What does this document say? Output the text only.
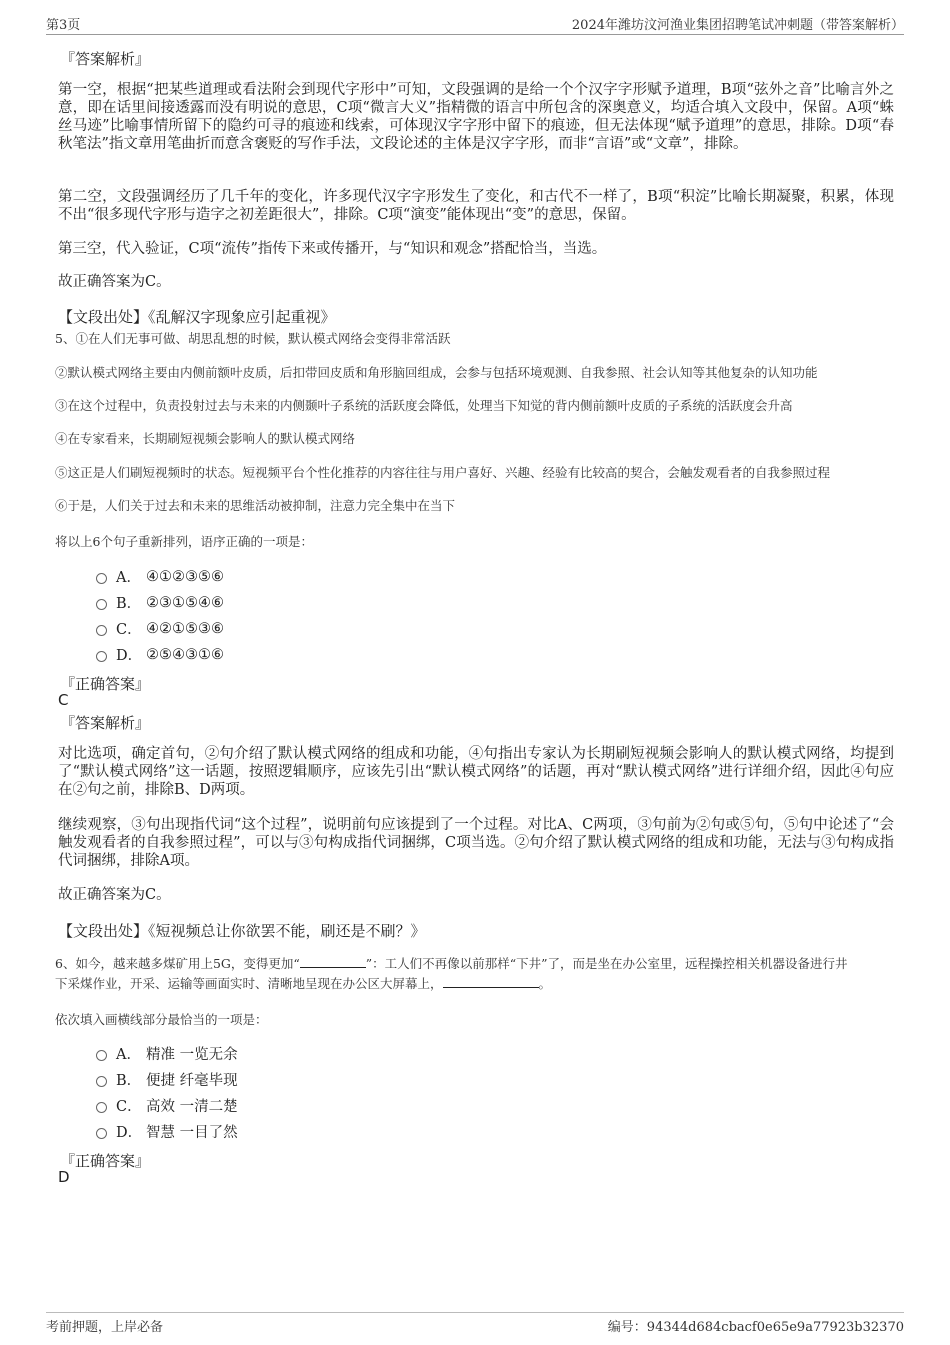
第3页	2024年潍坊汶河渔业集团招聘笔试冲刺题（带答案解析）
『答案解析』
第一空，根据“把某些道理或看法附会到现代字形中”可知，文段强调的是给一个个汉字字形赋予道理，B项“弦外之音”比喻言外之意，即在话里间接透露而没有明说的意思，C项“微言大义”指精微的语言中所包含的深奥意义，均适合填入文段中，保留。A项“蛛丝马迹”比喻事情所留下的隐约可寻的痕迹和线索，可体现汉字字形中留下的痕迹，但无法体现“赋予道理”的意思，排除。D项“春秋笔法”指文章用笔曲折而意含褒贬的写作手法，文段论述的主体是汉字字形，而非“言语”或“文章”，排除。
第二空，文段强调经历了几千年的变化，许多现代汉字字形发生了变化，和古代不一样了，B项“积淀”比喻长期凝聚，积累，体现不出“很多现代字形与造字之初差距很大”，排除。C项“演变”能体现出“变”的意思，保留。
第三空，代入验证，C项“流传”指传下来或传播开，与“知识和观念”搭配恰当，当选。
故正确答案为C。
【文段出处】《乱解汉字现象应引起重视》
5、①在人们无事可做、胡思乱想的时候，默认模式网络会变得非常活跃
②默认模式网络主要由内侧前额叶皮质，后扣带回皮质和角形脑回组成，会参与包括环境观测、自我参照、社会认知等其他复杂的认知功能
③在这个过程中，负责投射过去与未来的内侧颞叶子系统的活跃度会降低，处理当下知觉的背内侧前额叶皮质的子系统的活跃度会升高
④在专家看来，长期刷短视频会影响人的默认模式网络
⑤这正是人们刷短视频时的状态。短视频平台个性化推荐的内容往往与用户喜好、兴趣、经验有比较高的契合，会触发观看者的自我参照过程
⑥于是，人们关于过去和未来的思维活动被抑制，注意力完全集中在当下
将以上6个句子重新排列，语序正确的一项是：
A． ④①②③⑤⑥
B． ②③①⑤④⑥
C． ④②①⑤③⑥
D． ②⑤④③①⑥
『正确答案』
C
『答案解析』
对比选项，确定首句，②句介绍了默认模式网络的组成和功能，④句指出专家认为长期刷短视频会影响人的默认模式网络，均提到了“默认模式网络”这一话题，按照逻辑顺序，应该先引出“默认模式网络”的话题，再对“默认模式网络”进行详细介绍，因此④句应在②句之前，排除B、D两项。
继续观察，③句出现指代词“这个过程”，说明前句应该提到了一个过程。对比A、C两项，③句前为②句或⑤句，⑤句中论述了“会触发观看者的自我参照过程”，可以与③句构成指代词捆绑，C项当选。②句介绍了默认模式网络的组成和功能，无法与③句构成指代词捆绑，排除A项。
故正确答案为C。
【文段出处】《短视频总让你欲罢不能，刷还是不刷？》
6、如今，越来越多煤矿用上5G，变得更加“	”：工人们不再像以前那样“下井”了，而是坐在办公室里，远程操控相关机器设备进行井
下采煤作业，开采、运输等画面实时、清晰地呈现在办公区大屏幕上，	。
依次填入画横线部分最恰当的一项是：
A． 精准 一览无余
B． 便捷 纤毫毕现
C． 高效 一清二楚
D． 智慧 一目了然
『正确答案』
D
考前押题，上岸必备	编号：94344d684cbacf0e65e9a77923b32370
